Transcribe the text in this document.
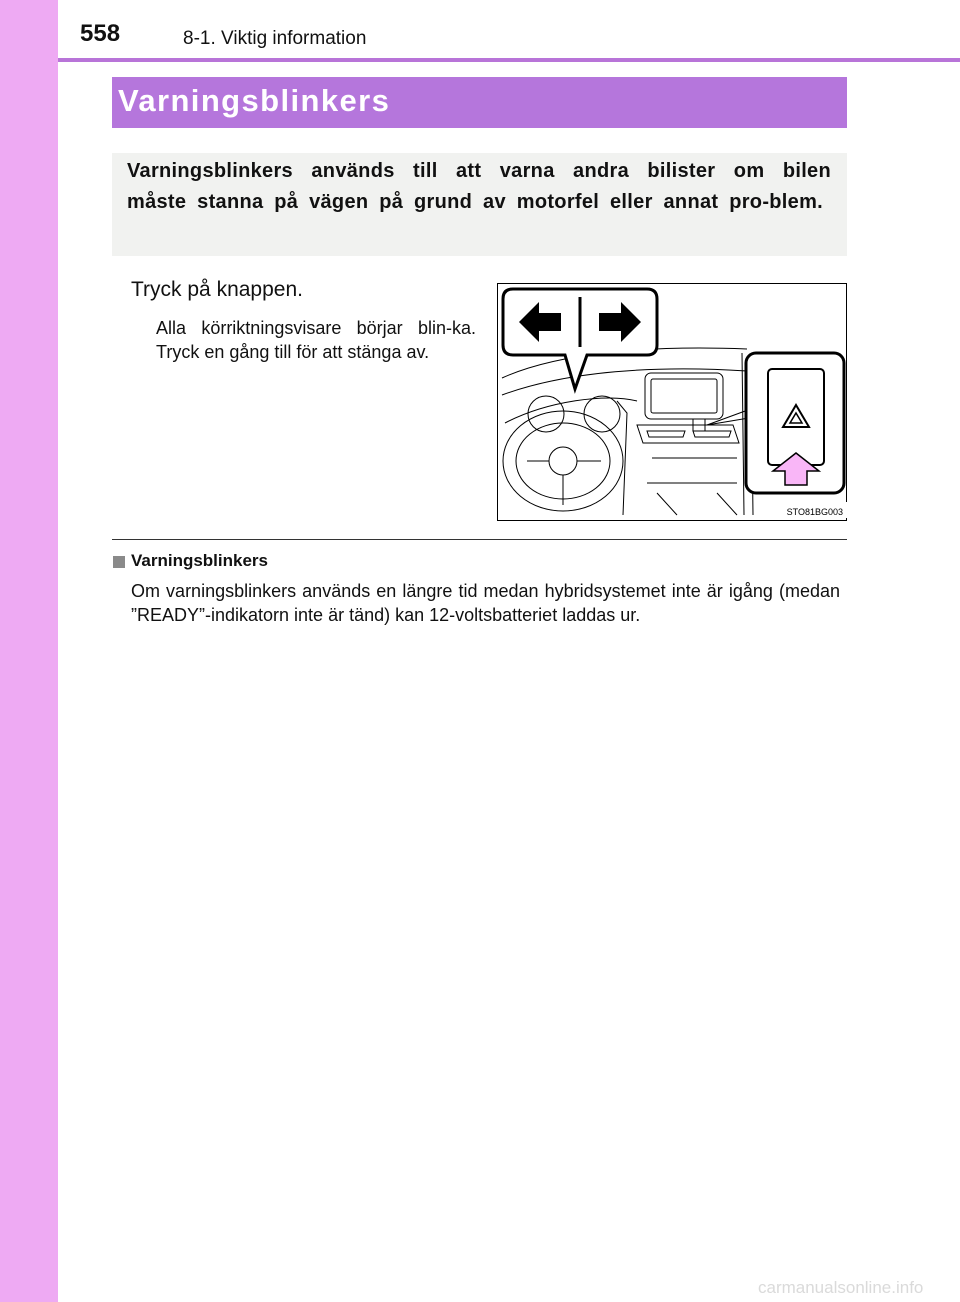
558	8-1. Viktig information
Varningsblinkers

Varningsblinkers används till att varna andra bilister om bilen måste stanna på vägen på grund av motorfel eller annat pro-blem.

Tryck på knappen.

Alla körriktningsvisare börjar blin-ka. Tryck en gång till för att stänga av.

STO81BG003
Varningsblinkers

Om varningsblinkers används en längre tid medan hybridsystemet inte är igång (medan ”READY”-indikatorn inte är tänd) kan 12-voltsbatteriet laddas ur.

carmanualsonline.info
